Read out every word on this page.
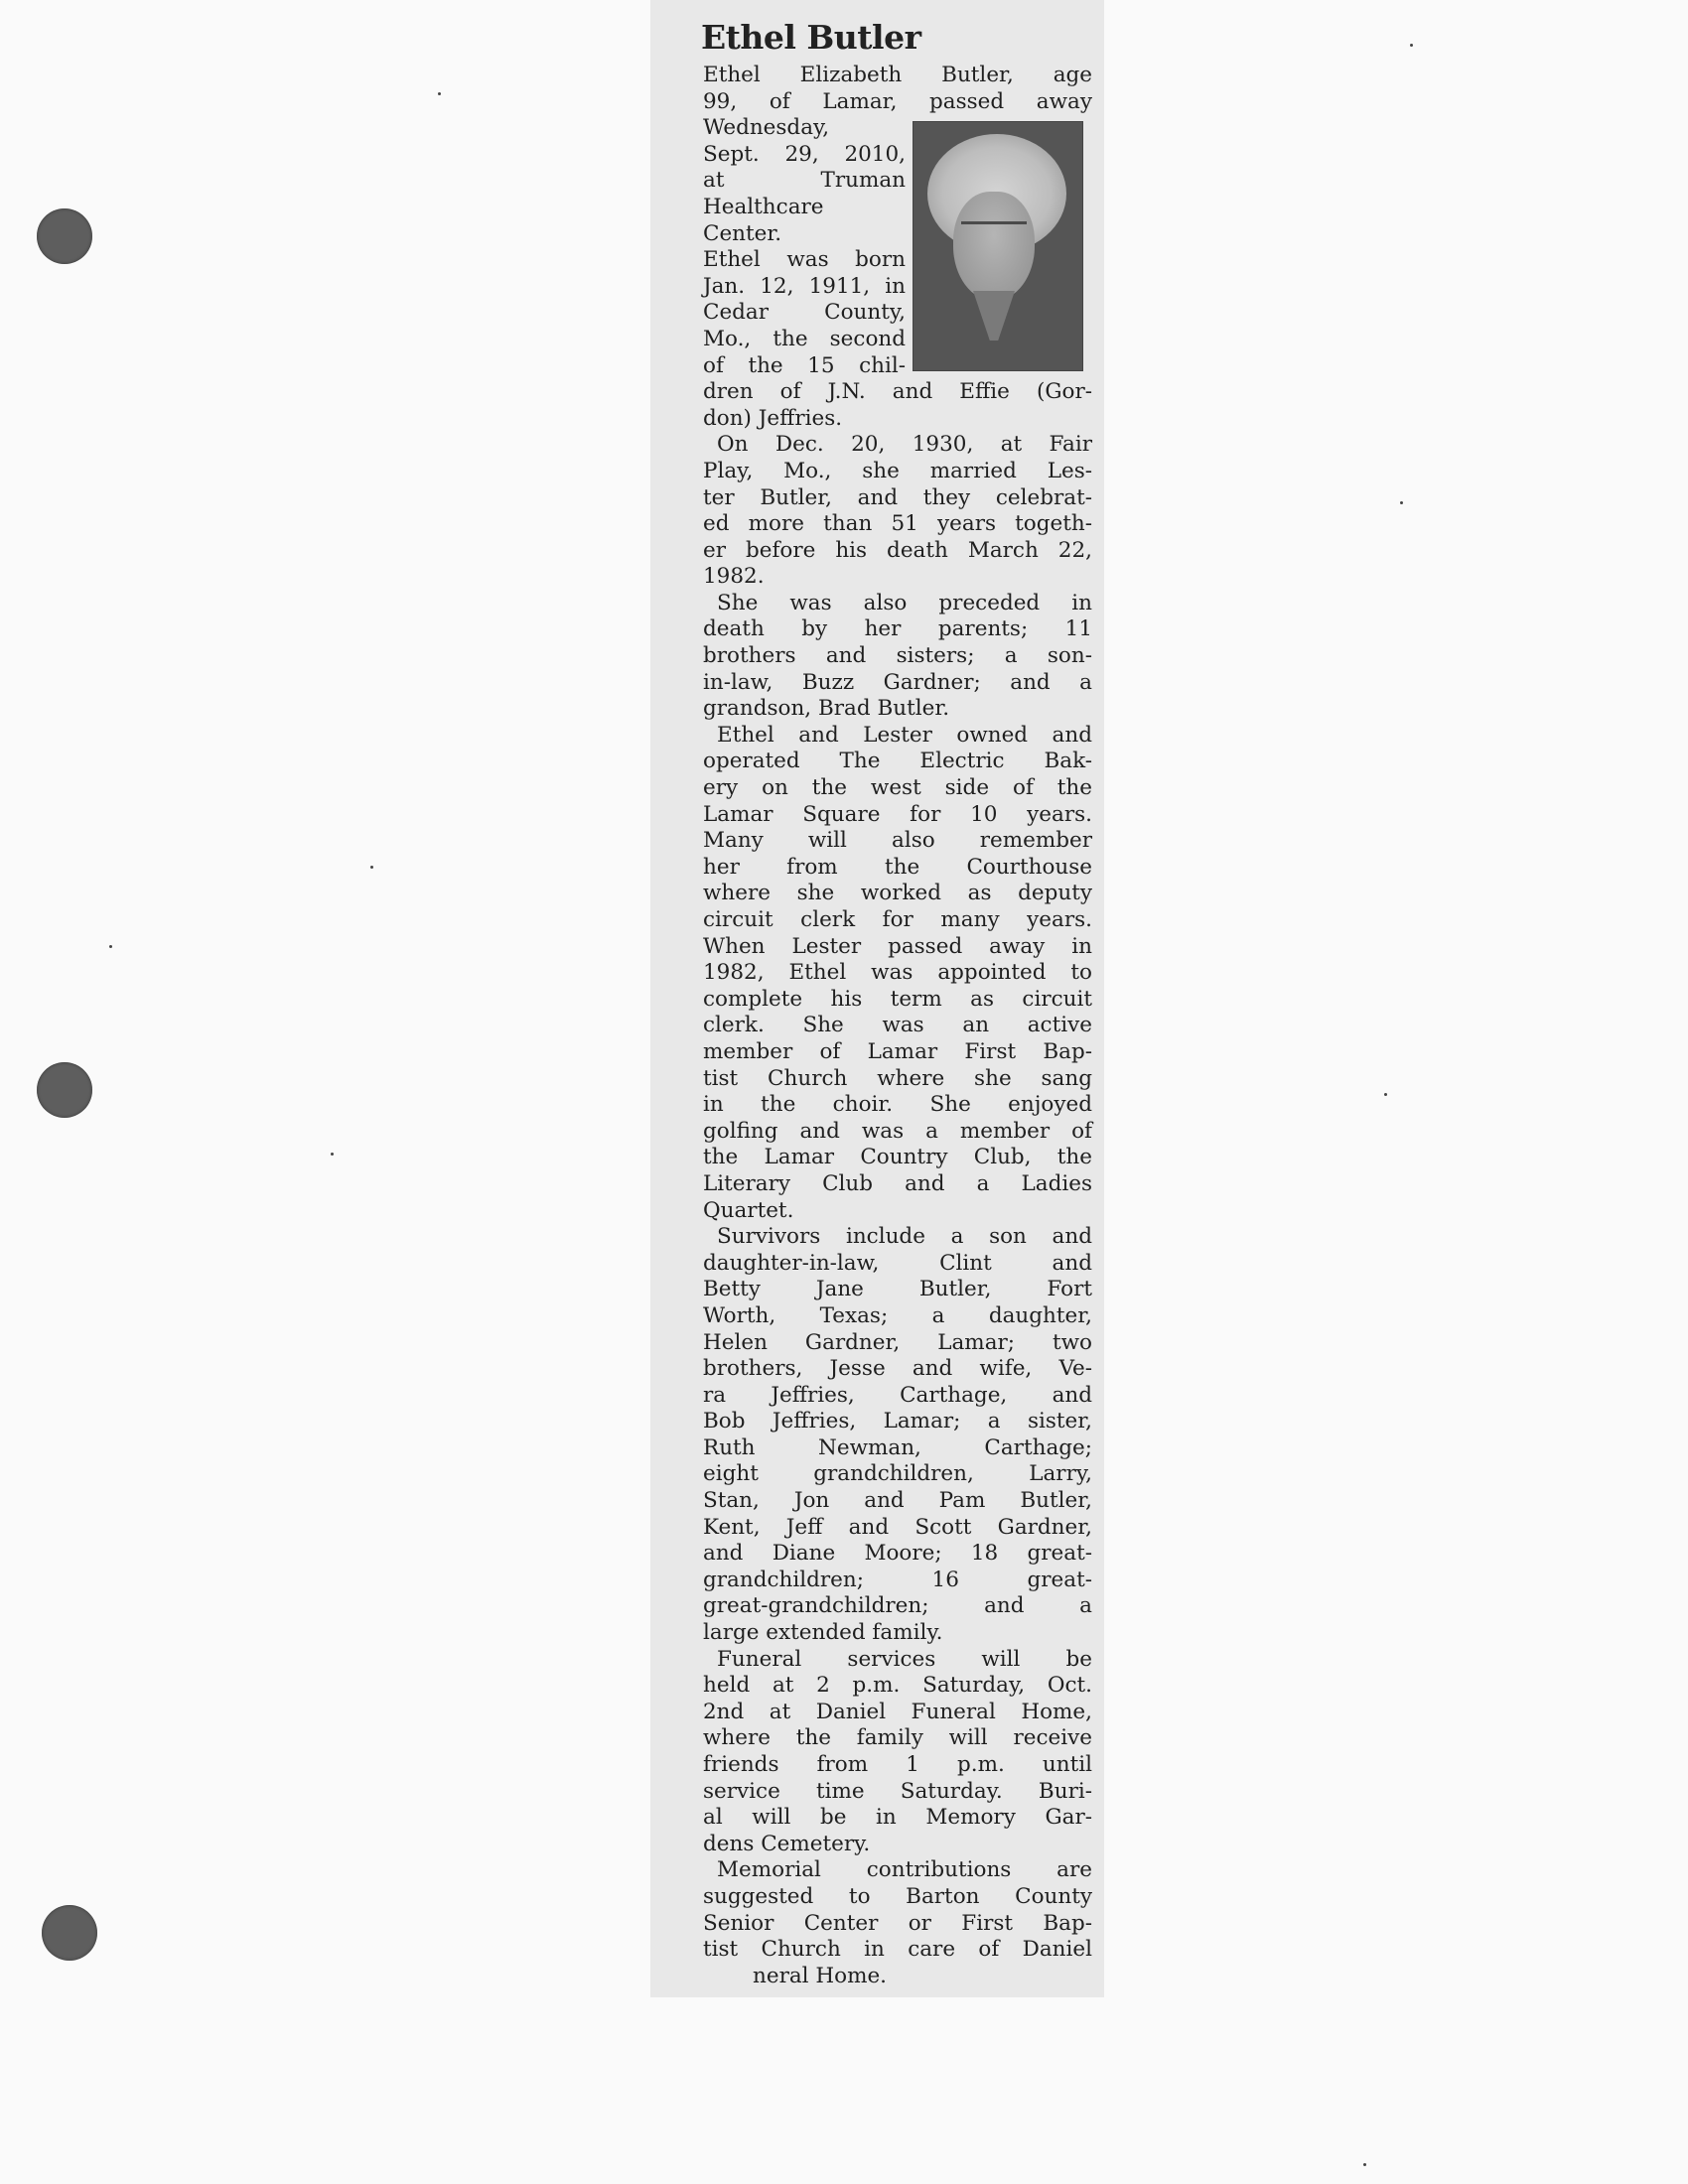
Ethel Butler
Ethel Elizabeth Butler, age
99, of Lamar, passed away
Wednesday,
Sept. 29, 2010,
at Truman
Healthcare
Center.
Ethel was born
Jan. 12, 1911, in
Cedar County,
Mo., the second
of the 15 chil-
dren of J.N. and Effie (Gor-
don) Jeffries.
On Dec. 20, 1930, at Fair
Play, Mo., she married Les-
ter Butler, and they celebrat-
ed more than 51 years togeth-
er before his death March 22,
1982.
She was also preceded in
death by her parents; 11
brothers and sisters; a son-
in-law, Buzz Gardner; and a
grandson, Brad Butler.
Ethel and Lester owned and
operated The Electric Bak-
ery on the west side of the
Lamar Square for 10 years.
Many will also remember
her from the Courthouse
where she worked as deputy
circuit clerk for many years.
When Lester passed away in
1982, Ethel was appointed to
complete his term as circuit
clerk. She was an active
member of Lamar First Bap-
tist Church where she sang
in the choir. She enjoyed
golfing and was a member of
the Lamar Country Club, the
Literary Club and a Ladies
Quartet.
Survivors include a son and
daughter-in-law, Clint and
Betty Jane Butler, Fort
Worth, Texas; a daughter,
Helen Gardner, Lamar; two
brothers, Jesse and wife, Ve-
ra Jeffries, Carthage, and
Bob Jeffries, Lamar; a sister,
Ruth Newman, Carthage;
eight grandchildren, Larry,
Stan, Jon and Pam Butler,
Kent, Jeff and Scott Gardner,
and Diane Moore; 18 great-
grandchildren; 16 great-
great-grandchildren; and a
large extended family.
Funeral services will be
held at 2 p.m. Saturday, Oct.
2nd at Daniel Funeral Home,
where the family will receive
friends from 1 p.m. until
service time Saturday. Buri-
al will be in Memory Gar-
dens Cemetery.
Memorial contributions are
suggested to Barton County
Senior Center or First Bap-
tist Church in care of Daniel
neral Home.
